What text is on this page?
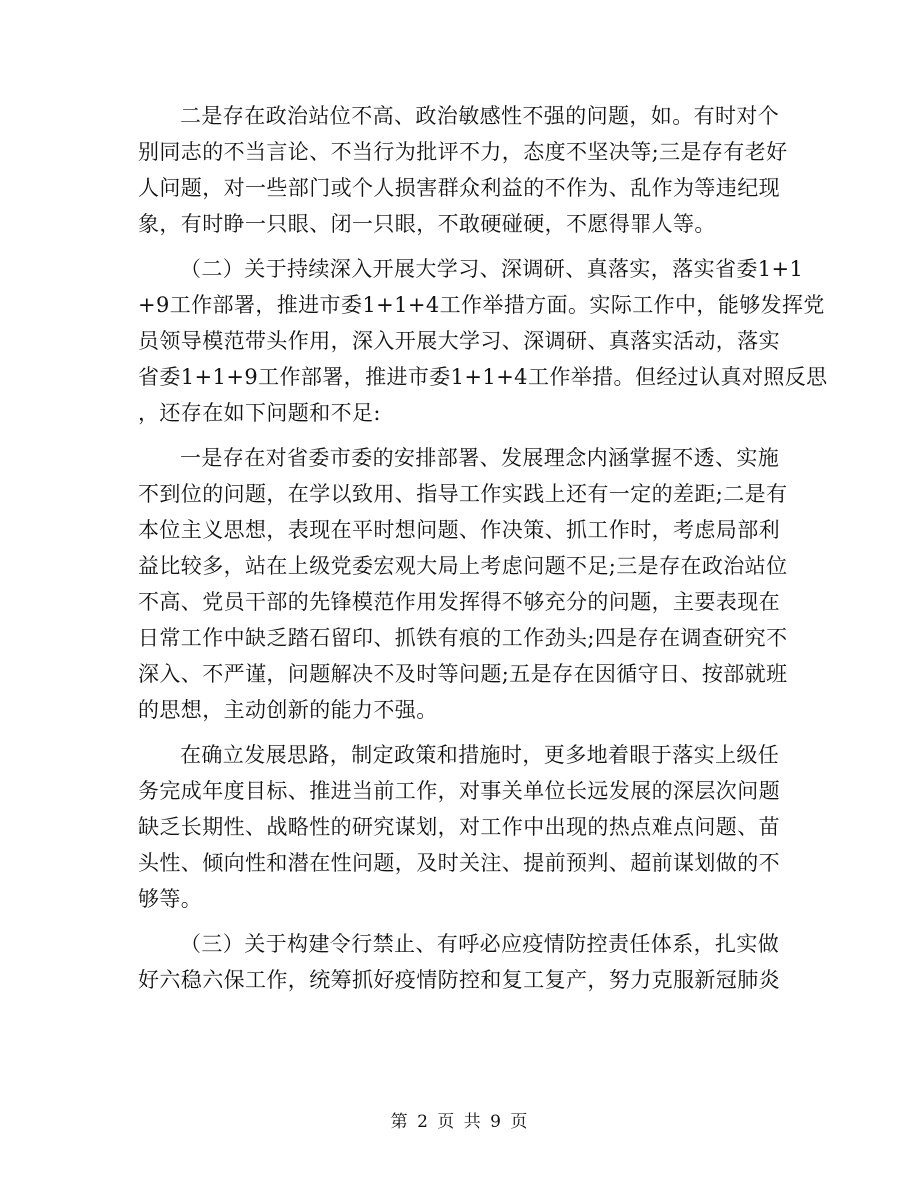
二是存在政治站位不高、政治敏感性不强的问题，如。有时对个
别同志的不当言论、不当行为批评不力，态度不坚决等;三是存有老好
人问题，对一些部门或个人损害群众利益的不作为、乱作为等违纪现
象，有时睁一只眼、闭一只眼，不敢硬碰硬，不愿得罪人等。

（二）关于持续深入开展大学习、深调研、真落实，落实省委1+1
+9工作部署，推进市委1+1+4工作举措方面。实际工作中，能够发挥党
员领导模范带头作用，深入开展大学习、深调研、真落实活动，落实
省委1+1+9工作部署，推进市委1+1+4工作举措。但经过认真对照反思
，还存在如下问题和不足:

一是存在对省委市委的安排部署、发展理念内涵掌握不透、实施
不到位的问题，在学以致用、指导工作实践上还有一定的差距;二是有
本位主义思想，表现在平时想问题、作决策、抓工作时，考虑局部利
益比较多，站在上级党委宏观大局上考虑问题不足;三是存在政治站位
不高、党员干部的先锋模范作用发挥得不够充分的问题，主要表现在
日常工作中缺乏踏石留印、抓铁有痕的工作劲头;四是存在调查研究不
深入、不严谨，问题解决不及时等问题;五是存在因循守日、按部就班
的思想，主动创新的能力不强。

在确立发展思路，制定政策和措施时，更多地着眼于落实上级任
务完成年度目标、推进当前工作，对事关单位长远发展的深层次问题
缺乏长期性、战略性的研究谋划，对工作中出现的热点难点问题、苗
头性、倾向性和潜在性问题，及时关注、提前预判、超前谋划做的不
够等。

（三）关于构建令行禁止、有呼必应疫情防控责任体系，扎实做
好六稳六保工作，统筹抓好疫情防控和复工复产，努力克服新冠肺炎

第 2 页 共 9 页
